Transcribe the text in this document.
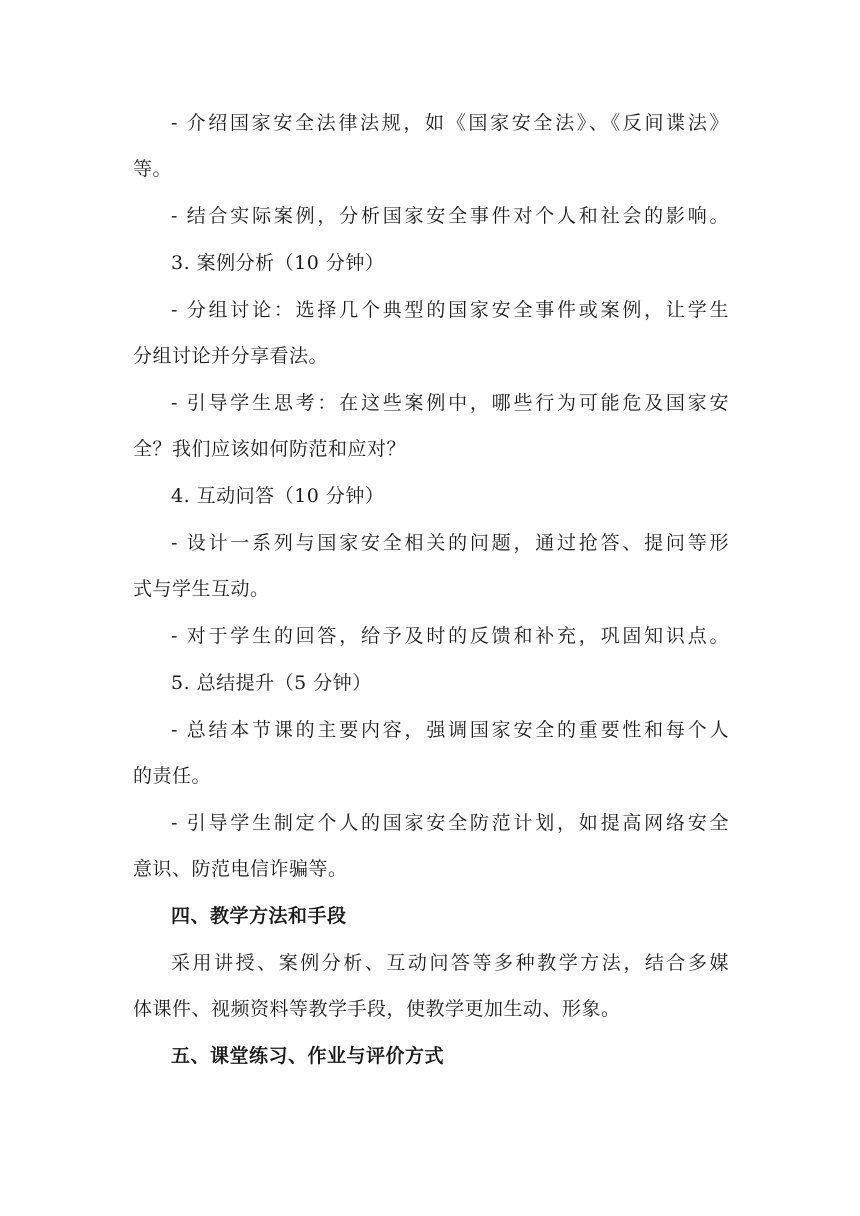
- 介绍国家安全法律法规，如《国家安全法》、《反间谍法》

等。

- 结合实际案例，分析国家安全事件对个人和社会的影响。

3. 案例分析（10 分钟）

- 分组讨论：选择几个典型的国家安全事件或案例，让学生

分组讨论并分享看法。

- 引导学生思考：在这些案例中，哪些行为可能危及国家安

全？我们应该如何防范和应对？

4. 互动问答（10 分钟）

- 设计一系列与国家安全相关的问题，通过抢答、提问等形

式与学生互动。

- 对于学生的回答，给予及时的反馈和补充，巩固知识点。

5. 总结提升（5 分钟）

- 总结本节课的主要内容，强调国家安全的重要性和每个人

的责任。

- 引导学生制定个人的国家安全防范计划，如提高网络安全

意识、防范电信诈骗等。

四、教学方法和手段

采用讲授、案例分析、互动问答等多种教学方法，结合多媒

体课件、视频资料等教学手段，使教学更加生动、形象。

五、课堂练习、作业与评价方式
